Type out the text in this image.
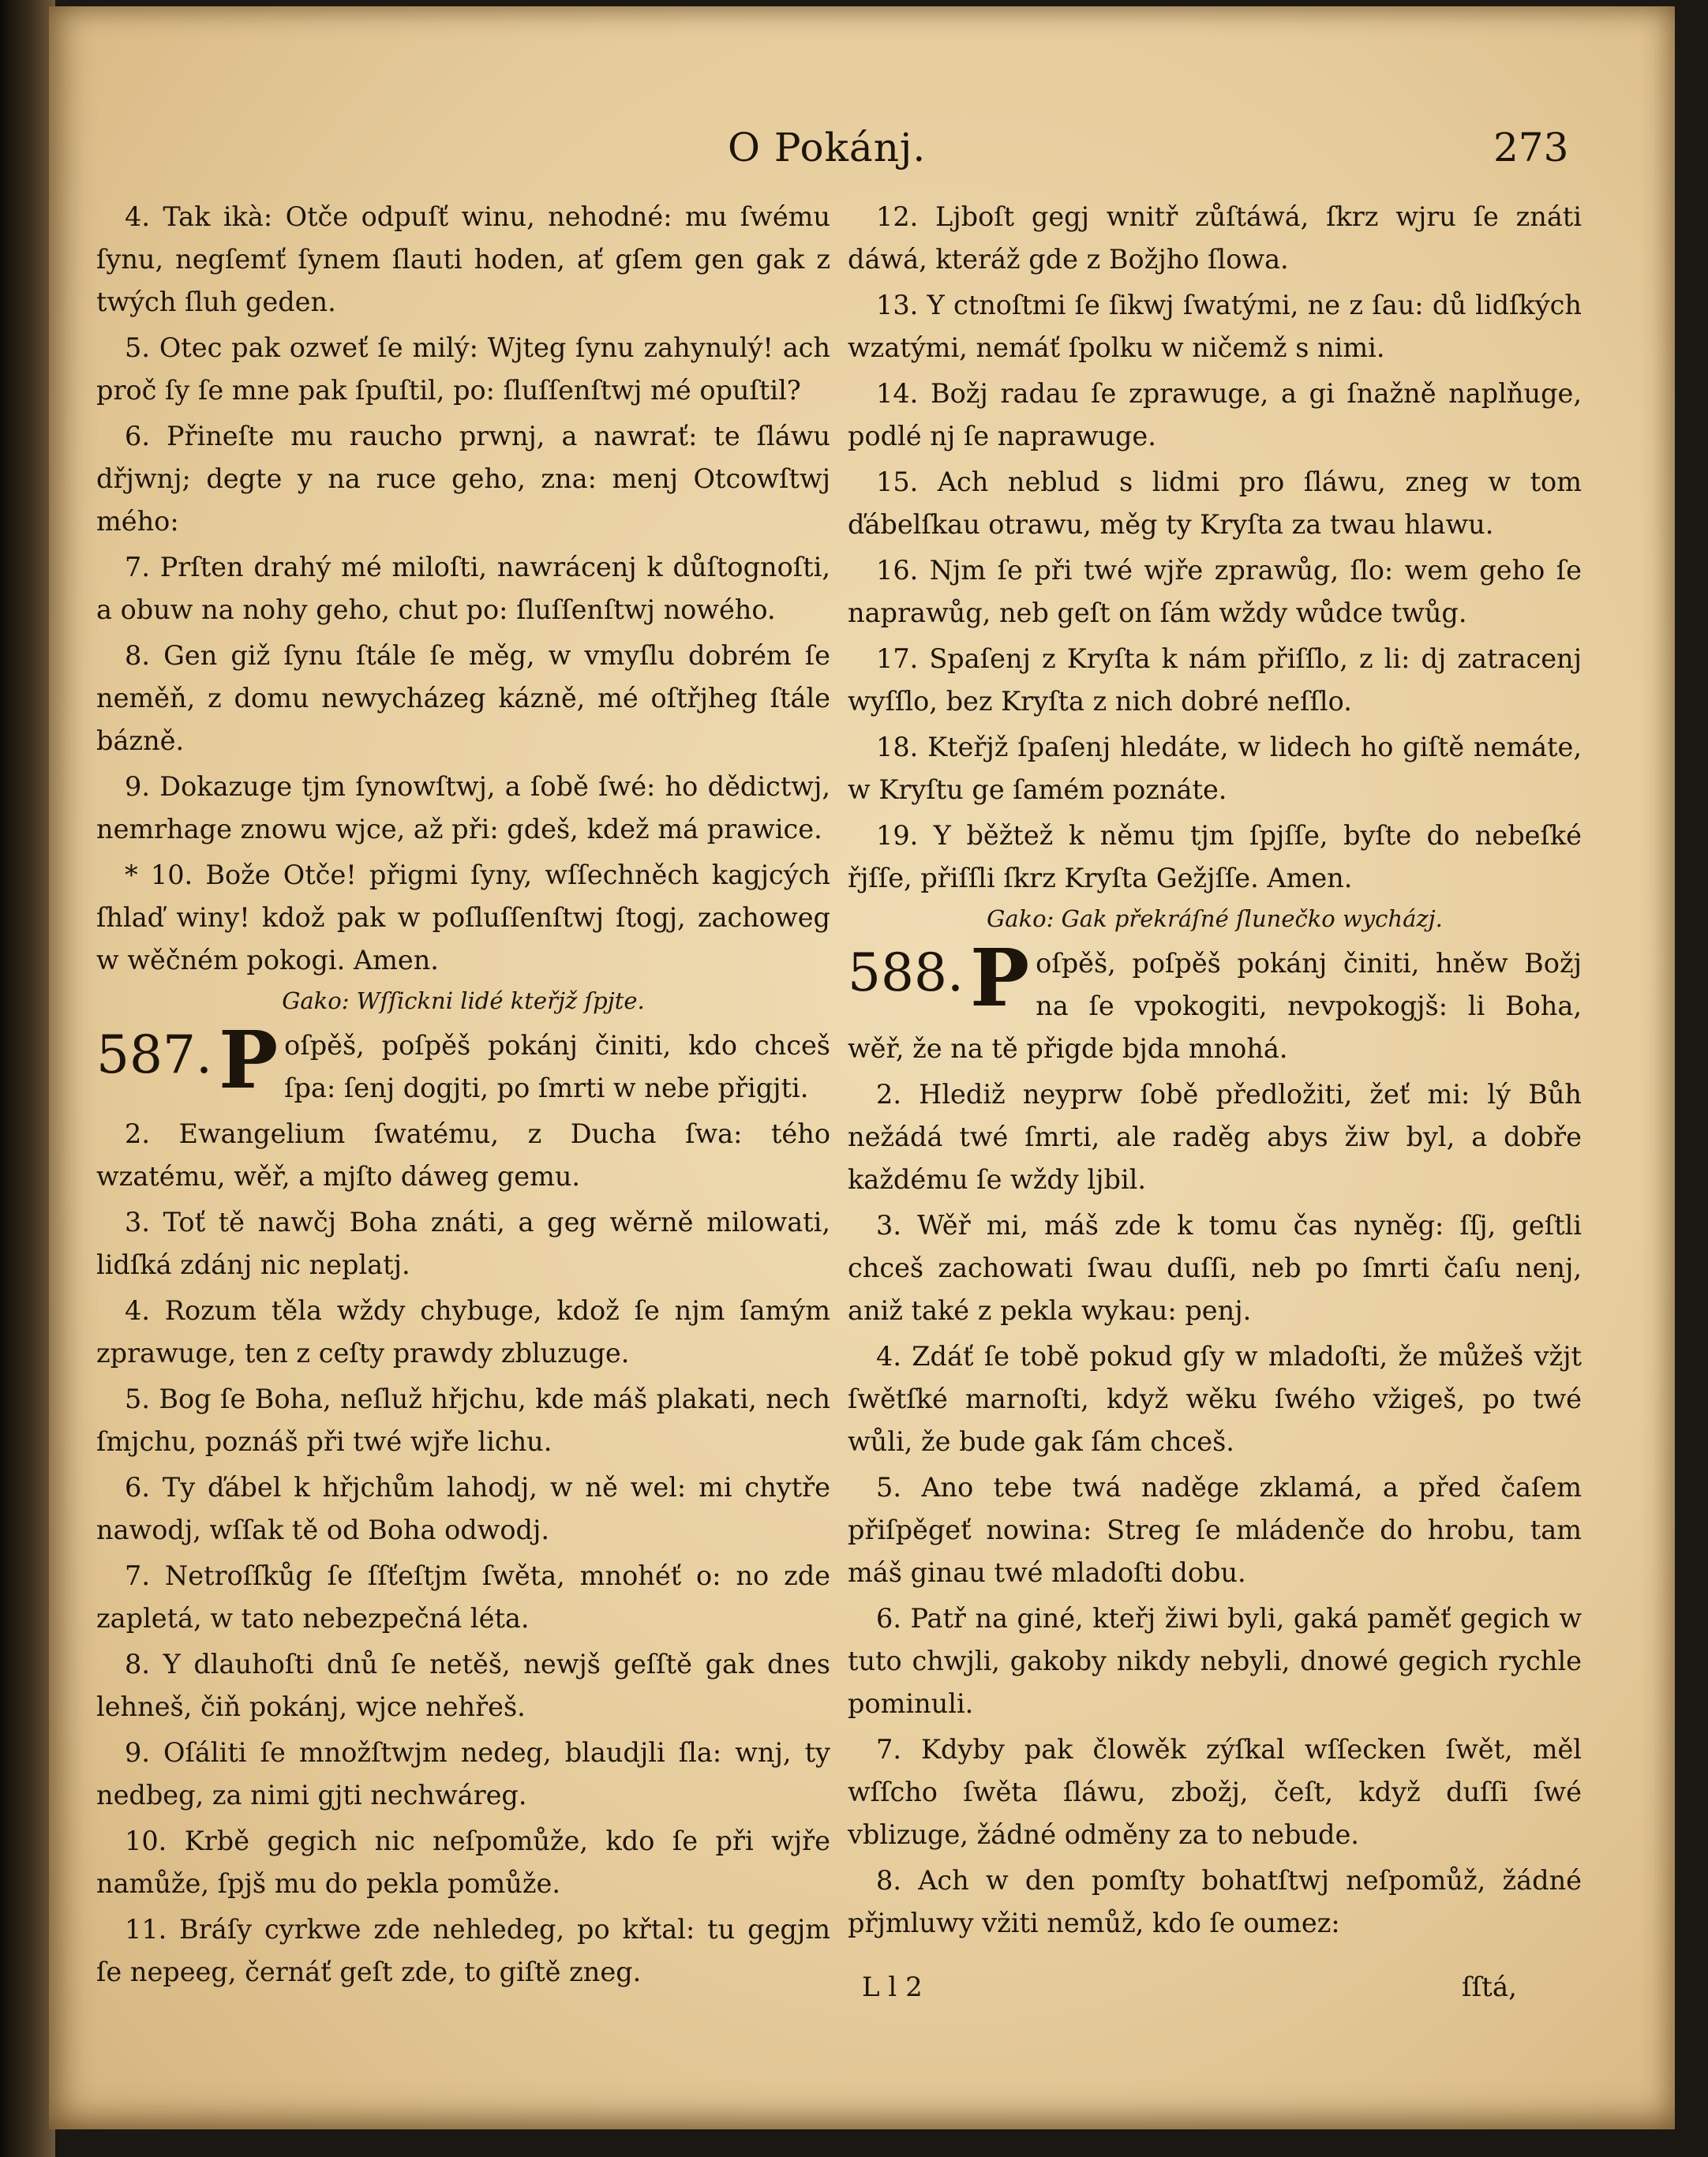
O Pokánj.	273

4. Tak ikà: Otče odpuſť winu, nehodné: mu ſwému ſynu, negſemť ſynem ſlauti hoden, ať gſem gen gak z twých ſluh geden.

5. Otec pak ozweť ſe milý: Wjteg ſynu zahynulý! ach proč ſy ſe mne pak ſpuſtil, po: ſluſſenſtwj mé opuſtil?

6. Přineſte mu raucho prwnj, a nawrať: te ſláwu dřjwnj; degte y na ruce geho, zna: menj Otcowſtwj mého:

7. Prſten drahý mé miloſti, nawrácenj k důſtognoſti, a obuw na nohy geho, chut po: ſluſſenſtwj nowého.

8. Gen giž ſynu ſtále ſe měg, w vmyſlu dobrém ſe neměň, z domu newycházeg kázně, mé oſtřjheg ſtále bázně.

9. Dokazuge tjm ſynowſtwj, a ſobě ſwé: ho dědictwj, nemrhage znowu wjce, až při: gdeš, kdež má prawice.

* 10. Bože Otče! přigmi ſyny, wſſechněch kagjcých ſhlaď winy! kdož pak w poſluſſenſtwj ſtogj, zachoweg w wěčném pokogi. Amen.

Gako: Wſſickni lidé kteřjž ſpjte.
587. P oſpěš, poſpěš pokánj činiti, kdo chceš ſpa: ſenj dogjti, po ſmrti w nebe přigjti.

2. Ewangelium ſwatému, z Ducha ſwa: tého wzatému, wěř, a mjſto dáweg gemu.

3. Toť tě nawčj Boha znáti, a geg wěrně milowati, lidſká zdánj nic neplatj.

4. Rozum těla wždy chybuge, kdož ſe njm ſamým zprawuge, ten z ceſty prawdy zbluzuge.

5. Bog ſe Boha, neſluž hřjchu, kde máš plakati, nech ſmjchu, poznáš při twé wjře lichu.

6. Ty ďábel k hřjchům lahodj, w ně wel: mi chytře nawodj, wſſak tě od Boha odwodj.

7. Netroſſkůg ſe ſſťeſtjm ſwěta, mnohéť o: no zde zapletá, w tato nebezpečná léta.

8. Y dlauhoſti dnů ſe netěš, newjš geſſtě gak dnes lehneš, čiň pokánj, wjce nehřeš.

9. Oſáliti ſe množſtwjm nedeg, blaudjli ſla: wnj, ty nedbeg, za nimi gjti nechwáreg.

10. Krbě gegich nic neſpomůže, kdo ſe při wjře namůže, ſpjš mu do pekla pomůže.

11. Bráſy cyrkwe zde nehledeg, po křtal: tu gegjm ſe nepeeg, černáť geſt zde, to giſtě zneg.

12. Ljboſt gegj wnitř zůſtáwá, ſkrz wjru ſe znáti dáwá, kteráž gde z Božjho ſlowa.

13. Y ctnoſtmi ſe ſikwj ſwatými, ne z ſau: dů lidſkých wzatými, nemáť ſpolku w ničemž s nimi.

14. Božj radau ſe zprawuge, a gi ſnažně naplňuge, podlé nj ſe naprawuge.

15. Ach neblud s lidmi pro ſláwu, zneg w tom ďábelſkau otrawu, měg ty Kryſta za twau hlawu.

16. Njm ſe při twé wjře zprawůg, ſlo: wem geho ſe naprawůg, neb geſt on ſám wždy wůdce twůg.

17. Spaſenj z Kryſta k nám přiſſlo, z li: dj zatracenj wyſſlo, bez Kryſta z nich dobré neſſlo.

18. Kteřjž ſpaſenj hledáte, w lidech ho giſtě nemáte, w Kryſtu ge ſamém poznáte.

19. Y běžtež k němu tjm ſpjſſe, byſte do nebeſké řjſſe, přiſſli ſkrz Kryſta Gežjſſe. Amen.

Gako: Gak překráſné ſlunečko wycházj.
588. P oſpěš, poſpěš pokánj činiti, hněw Božj na ſe vpokogiti, nevpokogjš: li Boha, wěř, že na tě přigde bjda mnohá.

2. Hlediž neyprw ſobě předložiti, žeť mi: lý Bůh nežádá twé ſmrti, ale raděg abys žiw byl, a dobře každému ſe wždy ljbil.

3. Wěř mi, máš zde k tomu čas nyněg: ſſj, geſtli chceš zachowati ſwau duſſi, neb po ſmrti čaſu nenj, aniž také z pekla wykau: penj.

4. Zdáť ſe tobě pokud gſy w mladoſti, že můžeš vžjt ſwětſké marnoſti, když wěku ſwého vžigeš, po twé wůli, že bude gak ſám chceš.

5. Ano tebe twá naděge zklamá, a před čaſem přiſpěgeť nowina: Streg ſe mládenče do hrobu, tam máš ginau twé mladoſti dobu.

6. Patř na giné, kteřj žiwi byli, gaká paměť gegich w tuto chwjli, gakoby nikdy nebyli, dnowé gegich rychle pominuli.

7. Kdyby pak člowěk zýſkal wſſecken ſwět, měl wſſcho ſwěta ſláwu, zbožj, čeſt, když duſſi ſwé vblizuge, žádné odměny za to nebude.

8. Ach w den pomſty bohatſtwj neſpomůž, žádné přjmluwy vžiti nemůž, kdo ſe oumez:

L l 2	ſſtá,
